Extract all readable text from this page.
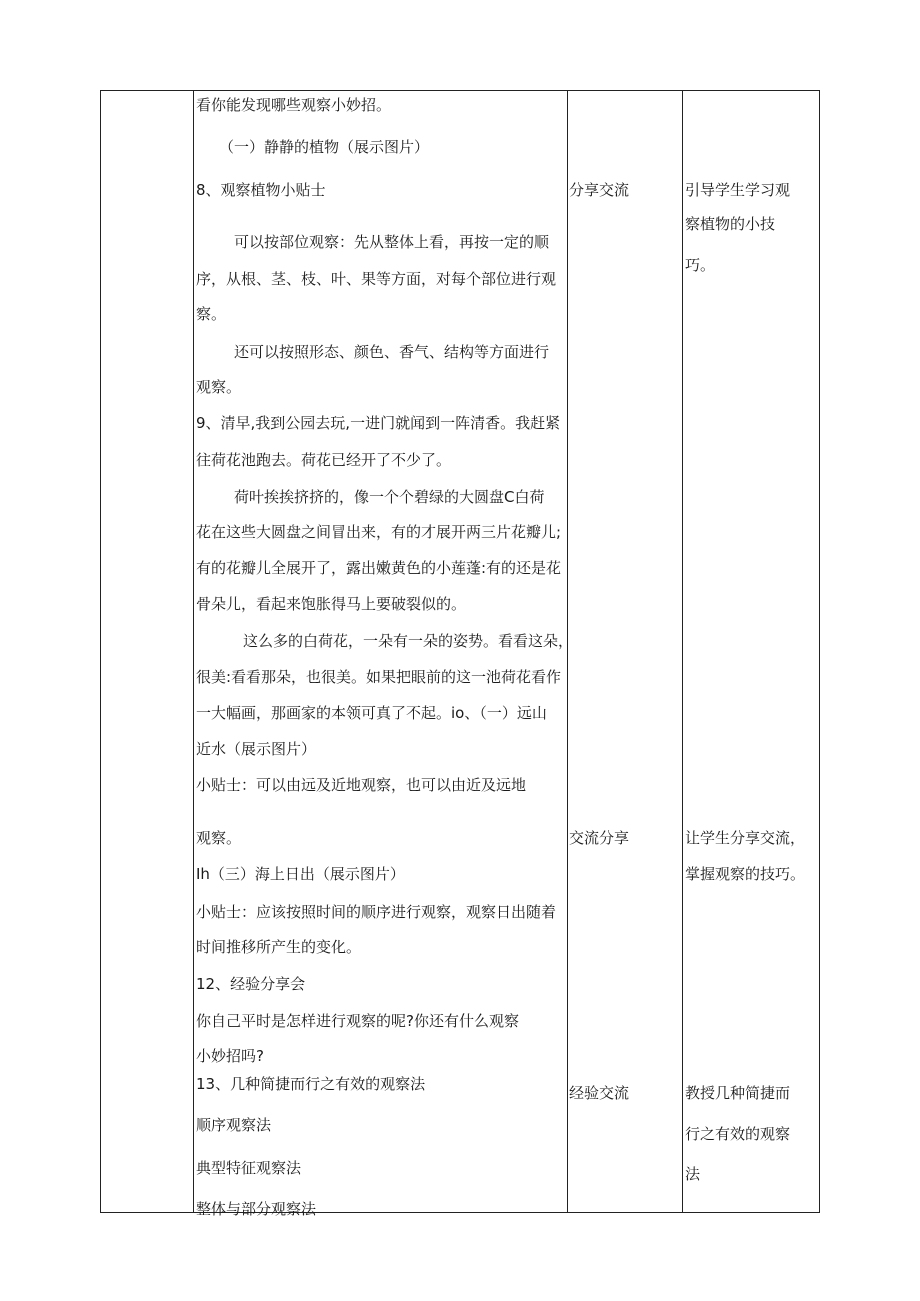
看你能发现哪些观察小妙招。
（一）静静的植物（展示图片）
8、观察植物小贴士
可以按部位观察：先从整体上看，再按一定的顺
序，从根、茎、枝、叶、果等方面，对每个部位进行观
察。
还可以按照形态、颜色、香气、结构等方面进行
观察。
9、清早,我到公园去玩,一进门就闻到一阵清香。我赶紧
往荷花池跑去。荷花已经开了不少了。
荷叶挨挨挤挤的，像一个个碧绿的大圆盘C白荷
花在这些大圆盘之间冒出来，有的才展开两三片花瓣儿;
有的花瓣儿全展开了，露出嫩黄色的小莲蓬:有的还是花
骨朵儿，看起来饱胀得马上要破裂似的。
这么多的白荷花，一朵有一朵的姿势。看看这朵，
很美:看看那朵，也很美。如果把眼前的这一池荷花看作
一大幅画，那画家的本领可真了不起。io、（一）远山
近水（展示图片）
小贴士：可以由远及近地观察，也可以由近及远地
观察。
Ih（三）海上日出（展示图片）
小贴士：应该按照时间的顺序进行观察，观察日出随着
时间推移所产生的变化。
12、经验分享会
你自己平时是怎样进行观察的呢?你还有什么观察
小妙招吗?
13、几种简捷而行之有效的观察法
顺序观察法
典型特征观察法
整体与部分观察法
分享交流
交流分享
经验交流
引导学生学习观
察植物的小技
巧。
让学生分享交流，
掌握观察的技巧。
教授几种简捷而
行之有效的观察
法
